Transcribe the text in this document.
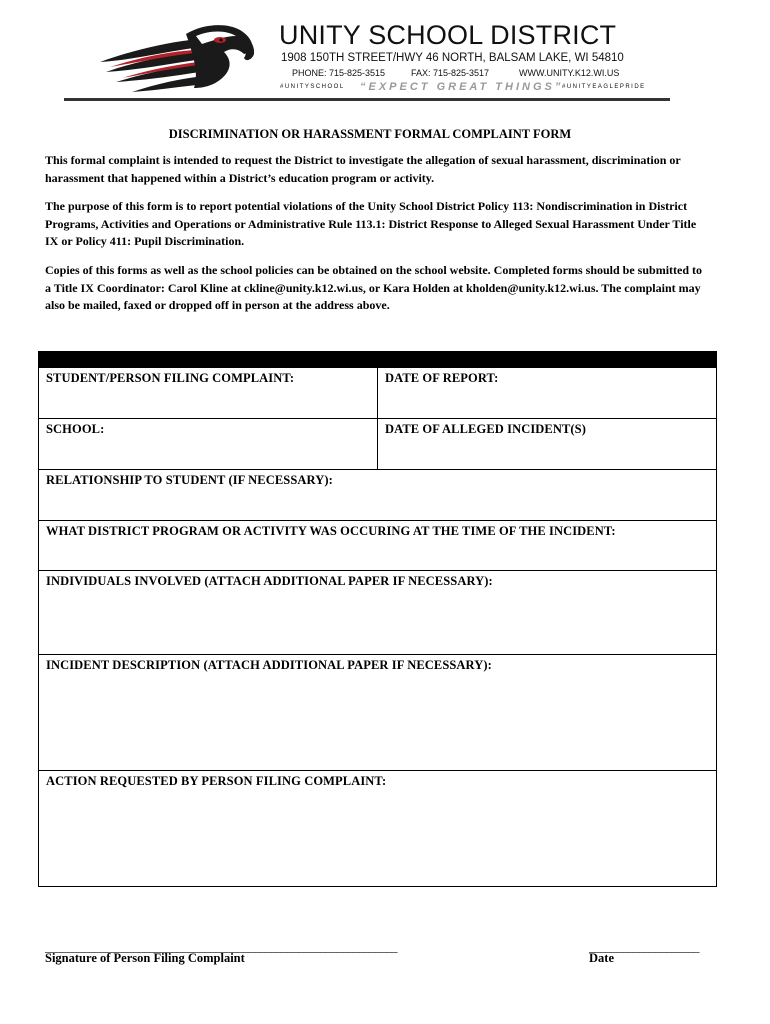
UNITY SCHOOL DISTRICT
1908 150TH STREET/HWY 46 NORTH, BALSAM LAKE, WI 54810
PHONE: 715-825-3515	FAX: 715-825-3517	WWW.UNITY.K12.WI.US
#UNITYSCHOOL “EXPECT GREAT THINGS”
#UNITYEAGLEPRIDE
DISCRIMINATION OR HARASSMENT FORMAL COMPLAINT FORM

This formal complaint is intended to request the District to investigate the allegation of sexual harassment, discrimination or harassment that happened within a District’s education program or activity.

The purpose of this form is to report potential violations of the Unity School District Policy 113: Nondiscrimination in District Programs, Activities and Operations or Administrative Rule 113.1: District Response to Alleged Sexual Harassment Under Title IX or Policy 411: Pupil Discrimination.

Copies of this forms as well as the school policies can be obtained on the school website. Completed forms should be submitted to a Title IX Coordinator: Carol Kline at ckline@unity.k12.wi.us, or Kara Holden at kholden@unity.k12.wi.us. The complaint may also be mailed, faxed or dropped off in person at the address above.

STUDENT/PERSON FILING COMPLAINT:	DATE OF REPORT:
SCHOOL:	DATE OF ALLEGED INCIDENT(S)
RELATIONSHIP TO STUDENT (IF NECESSARY):
WHAT DISTRICT PROGRAM OR ACTIVITY WAS OCCURING AT THE TIME OF THE INCIDENT:
INDIVIDUALS INVOLVED (ATTACH ADDITIONAL PAPER IF NECESSARY):
INCIDENT DESCRIPTION (ATTACH ADDITIONAL PAPER IF NECESSARY):
ACTION REQUESTED BY PERSON FILING COMPLAINT:
________________________________________________________________
Signature of Person Filing Complaint
____________________
Date
